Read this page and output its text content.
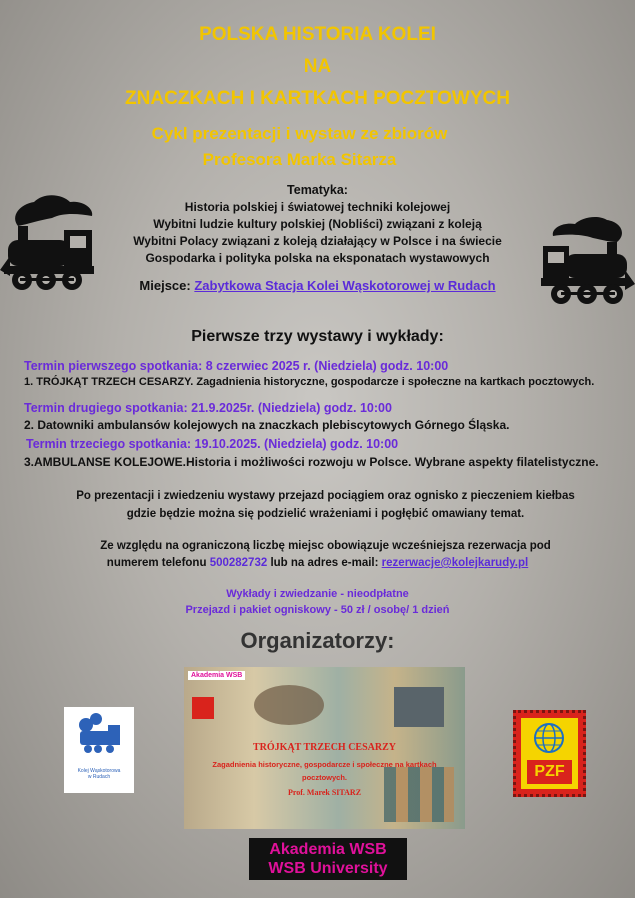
POLSKA HISTORIA KOLEI
NA
ZNACZKACH I KARTKACH POCZTOWYCH
Cykl prezentacji i wystaw ze zbiorów
Profesora Marka Sitarza
Tematyka:
Historia polskiej i światowej techniki kolejowej
Wybitni ludzie kultury polskiej (Nobliści) związani z koleją
Wybitni Polacy związani z koleją działający w Polsce i na świecie
Gospodarka i polityka polska na eksponatach wystawowych
Miejsce: Zabytkowa Stacja Kolei Wąskotorowej w Rudach
Pierwsze trzy wystawy i wykłady:
Termin pierwszego spotkania: 8 czerwiec 2025 r. (Niedziela) godz. 10:00
1. TRÓJKĄT TRZECH CESARZY. Zagadnienia historyczne, gospodarcze i społeczne na kartkach pocztowych.
Termin drugiego spotkania: 21.9.2025r. (Niedziela) godz. 10:00
2. Datowniki ambulansów kolejowych na znaczkach plebiscytowych Górnego Śląska.
Termin trzeciego spotkania: 19.10.2025. (Niedziela) godz. 10:00
3.AMBULANSE KOLEJOWE.Historia i możliwości rozwoju w Polsce. Wybrane aspekty filatelistyczne.
Po prezentacji i zwiedzeniu wystawy przejazd pociągiem oraz ognisko z pieczeniem kiełbas
gdzie będzie można się podzielić wrażeniami i pogłębić omawiany temat.
Ze względu na ograniczoną liczbę miejsc obowiązuje wcześniejsza rezerwacja pod
numerem telefonu 500282732 lub na adres e-mail: rezerwacje@kolejkarudy.pl
Wykłady i zwiedzanie - nieodpłatne
Przejazd i pakiet ogniskowy - 50 zł / osobę/ 1 dzień
Organizatorzy:
Kolej Wąskotorowa
w Rudach
Akademia WSB
TRÓJKĄT TRZECH CESARZY
Zagadnienia historyczne, gospodarcze i społeczne na kartkach
pocztowych.
Prof. Marek SITARZ
PZF
Akademia WSB
WSB University
